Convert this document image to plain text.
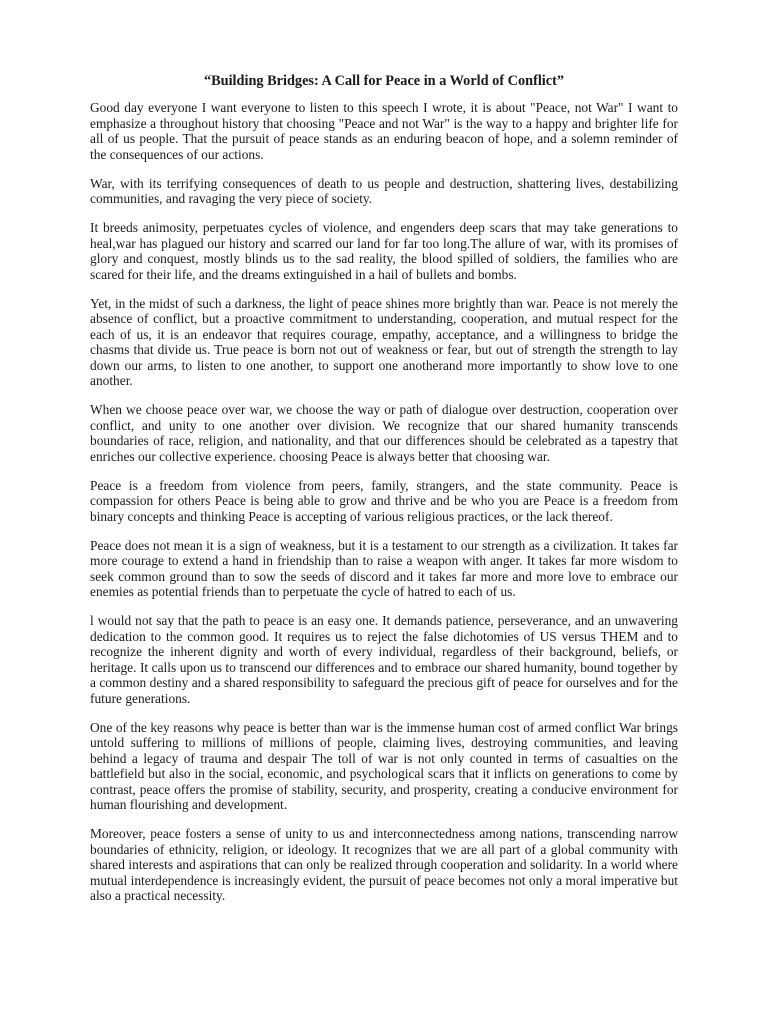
“Building Bridges: A Call for Peace in a World of Conflict”

Good day everyone I want everyone to listen to this speech I wrote, it is about "Peace, not War" I want to emphasize a throughout history that choosing "Peace and not War" is the way to a happy and brighter life for all of us people. That the pursuit of peace stands as an enduring beacon of hope, and a solemn reminder of the consequences of our actions.

War, with its terrifying consequences of death to us people and destruction, shattering lives, destabilizing communities, and ravaging the very piece of society.

It breeds animosity, perpetuates cycles of violence, and engenders deep scars that may take generations to heal,war has plagued our history and scarred our land for far too long.The allure of war, with its promises of glory and conquest, mostly blinds us to the sad reality, the blood spilled of soldiers, the families who are scared for their life, and the dreams extinguished in a hail of bullets and bombs.

Yet, in the midst of such a darkness, the light of peace shines more brightly than war. Peace is not merely the absence of conflict, but a proactive commitment to understanding, cooperation, and mutual respect for the each of us, it is an endeavor that requires courage, empathy, acceptance, and a willingness to bridge the chasms that divide us. True peace is born not out of weakness or fear, but out of strength the strength to lay down our arms, to listen to one another, to support one anotherand more importantly to show love to one another.

When we choose peace over war, we choose the way or path of dialogue over destruction, cooperation over conflict, and unity to one another over division. We recognize that our shared humanity transcends boundaries of race, religion, and nationality, and that our differences should be celebrated as a tapestry that enriches our collective experience. choosing Peace is always better that choosing war.

Peace is a freedom from violence from peers, family, strangers, and the state community. Peace is compassion for others Peace is being able to grow and thrive and be who you are Peace is a freedom from binary concepts and thinking Peace is accepting of various religious practices, or the lack thereof.

Peace does not mean it is a sign of weakness, but it is a testament to our strength as a civilization. It takes far more courage to extend a hand in friendship than to raise a weapon with anger. It takes far more wisdom to seek common ground than to sow the seeds of discord and it takes far more and more love to embrace our enemies as potential friends than to perpetuate the cycle of hatred to each of us.

l would not say that the path to peace is an easy one. It demands patience, perseverance, and an unwavering dedication to the common good. It requires us to reject the false dichotomies of US versus THEM and to recognize the inherent dignity and worth of every individual, regardless of their background, beliefs, or heritage. It calls upon us to transcend our differences and to embrace our shared humanity, bound together by a common destiny and a shared responsibility to safeguard the precious gift of peace for ourselves and for the future generations.

One of the key reasons why peace is better than war is the immense human cost of armed conflict War brings untold suffering to millions of millions of people, claiming lives, destroying communities, and leaving behind a legacy of trauma and despair The toll of war is not only counted in terms of casualties on the battlefield but also in the social, economic, and psychological scars that it inflicts on generations to come by contrast, peace offers the promise of stability, security, and prosperity, creating a conducive environment for human flourishing and development.

Moreover, peace fosters a sense of unity to us and interconnectedness among nations, transcending narrow boundaries of ethnicity, religion, or ideology. It recognizes that we are all part of a global community with shared interests and aspirations that can only be realized through cooperation and solidarity. In a world where mutual interdependence is increasingly evident, the pursuit of peace becomes not only a moral imperative but also a practical necessity.
